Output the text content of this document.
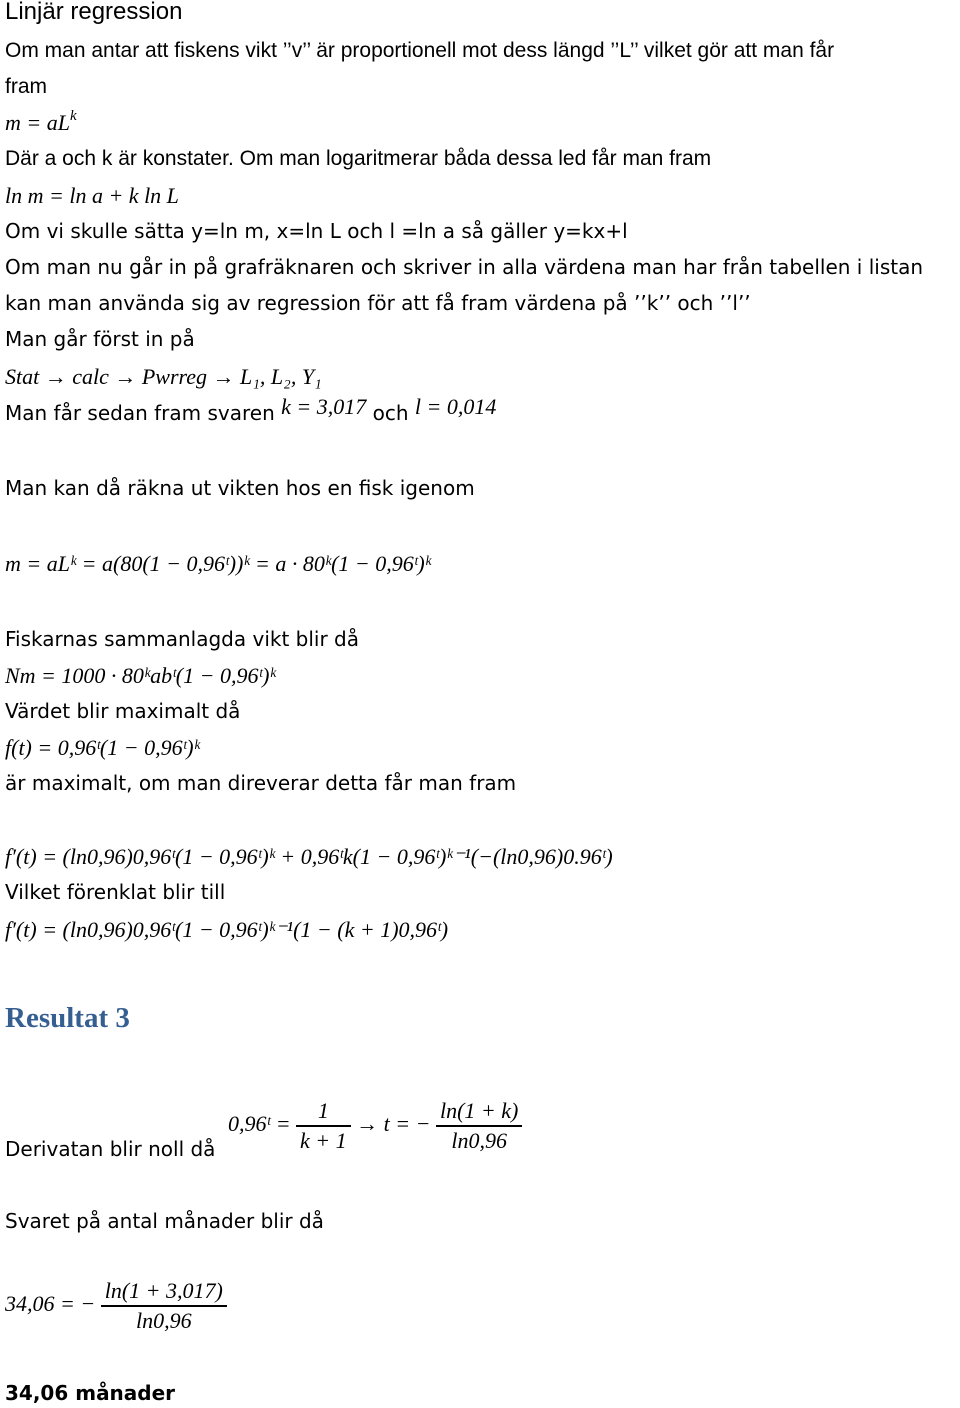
Linjär regression
Om man antar att fiskens vikt ’’v’’ är proportionell mot dess längd ’’L’’ vilket gör att man får
fram
$m = aL^k$
Där a och k är konstater. Om man logaritmerar båda dessa led får man fram
ln m = ln a + k ln L
Om vi skulle sätta y=ln m, x=ln L och l =ln a så gäller y=kx+l
Om man nu går in på grafräknaren och skriver in alla värdena man har från tabellen i listan
kan man använda sig av regression för att få fram värdena på ’’k’’ och ’’l’’
Man går först in på
Stat → calc → Pwrreg → L₁, L₂, Y₁
Man får sedan fram svaren k = 3,017 och l = 0,014
Man kan då räkna ut vikten hos en fisk igenom
m = aLᵏ = a(80(1 − 0,96ᵗ))ᵏ = a · 80ᵏ(1 − 0,96ᵗ)ᵏ
Fiskarnas sammanlagda vikt blir då
Nm = 1000 · 80ᵏabᵗ(1 − 0,96ᵗ)ᵏ
Värdet blir maximalt då
f(t) = 0,96ᵗ(1 − 0,96ᵗ)ᵏ
är maximalt, om man direverar detta får man fram
f′(t) = (ln0,96)0,96ᵗ(1 − 0,96ᵗ)ᵏ + 0,96ᵗk(1 − 0,96ᵗ)ᵏ⁻¹(−(ln0,96)0.96ᵗ)
Vilket förenklat blir till
f′(t) = (ln0,96)0,96ᵗ(1 − 0,96ᵗ)ᵏ⁻¹(1 − (k + 1)0,96ᵗ)
Resultat 3
Derivatan blir noll då
0,96ᵗ = $\frac{1}{k + 1} \to t$ = − $\frac{\ln(1 + k)}{\ln 0,96}$
Svaret på antal månader blir då
34,06 = − $\frac{\ln(1 + 3,017)}{\ln 0,96}$
34,06 månader
